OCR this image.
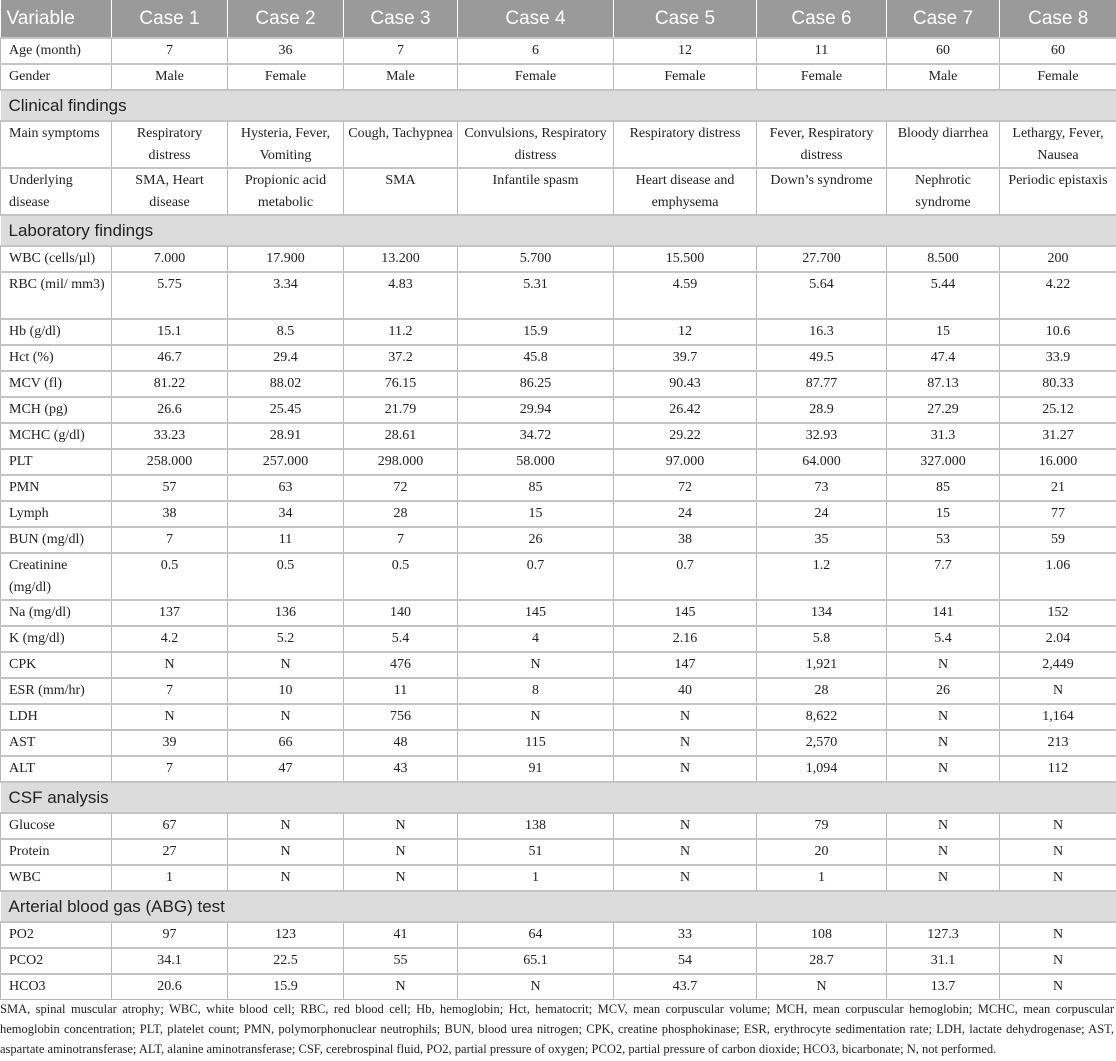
Variable	Case 1	Case 2	Case 3	Case 4	Case 5	Case 6	Case 7	Case 8
Age (month)	7	36	7	6	12	11	60	60
Gender	Male	Female	Male	Female	Female	Female	Male	Female
Clinical findings								
Main symptoms	Respiratory distress	Hysteria, Fever, Vomiting	Cough, Tachypnea	Convulsions, Respiratory distress	Respiratory distress	Fever, Respiratory distress	Bloody diarrhea	Lethargy, Fever, Nausea
Underlying disease	SMA, Heart disease	Propionic acid metabolic	SMA	Infantile spasm	Heart disease and emphysema	Down’s syndrome	Nephrotic syndrome	Periodic epistaxis
Laboratory findings								
WBC (cells/µl)	7.000	17.900	13.200	5.700	15.500	27.700	8.500	200
RBC (mil/ mm3)	5.75	3.34	4.83	5.31	4.59	5.64	5.44	4.22
Hb (g/dl)	15.1	8.5	11.2	15.9	12	16.3	15	10.6
Hct (%)	46.7	29.4	37.2	45.8	39.7	49.5	47.4	33.9
MCV (fl)	81.22	88.02	76.15	86.25	90.43	87.77	87.13	80.33
MCH (pg)	26.6	25.45	21.79	29.94	26.42	28.9	27.29	25.12
MCHC (g/dl)	33.23	28.91	28.61	34.72	29.22	32.93	31.3	31.27
PLT	258.000	257.000	298.000	58.000	97.000	64.000	327.000	16.000
PMN	57	63	72	85	72	73	85	21
Lymph	38	34	28	15	24	24	15	77
BUN (mg/dl)	7	11	7	26	38	35	53	59
Creatinine (mg/dl)	0.5	0.5	0.5	0.7	0.7	1.2	7.7	1.06
Na (mg/dl)	137	136	140	145	145	134	141	152
K (mg/dl)	4.2	5.2	5.4	4	2.16	5.8	5.4	2.04
CPK	N	N	476	N	147	1,921	N	2,449
ESR (mm/hr)	7	10	11	8	40	28	26	N
LDH	N	N	756	N	N	8,622	N	1,164
AST	39	66	48	115	N	2,570	N	213
ALT	7	47	43	91	N	1,094	N	112
CSF analysis								
Glucose	67	N	N	138	N	79	N	N
Protein	27	N	N	51	N	20	N	N
WBC	1	N	N	1	N	1	N	N
Arterial blood gas (ABG) test								
PO2	97	123	41	64	33	108	127.3	N
PCO2	34.1	22.5	55	65.1	54	28.7	31.1	N
HCO3	20.6	15.9	N	N	43.7	N	13.7	N
SMA, spinal muscular atrophy; WBC, white blood cell; RBC, red blood cell; Hb, hemoglobin; Hct, hematocrit; MCV, mean corpuscular volume; MCH, mean corpuscular hemoglobin; MCHC, mean corpuscular hemoglobin concentration; PLT, platelet count; PMN, polymorphonuclear neutrophils; BUN, blood urea nitrogen; CPK, creatine phosphokinase; ESR, erythrocyte sedimentation rate; LDH, lactate dehydrogenase; AST, aspartate aminotransferase; ALT, alanine aminotransferase; CSF, cerebrospinal fluid, PO2, partial pressure of oxygen; PCO2, partial pressure of carbon dioxide; HCO3, bicarbonate; N, not performed.
